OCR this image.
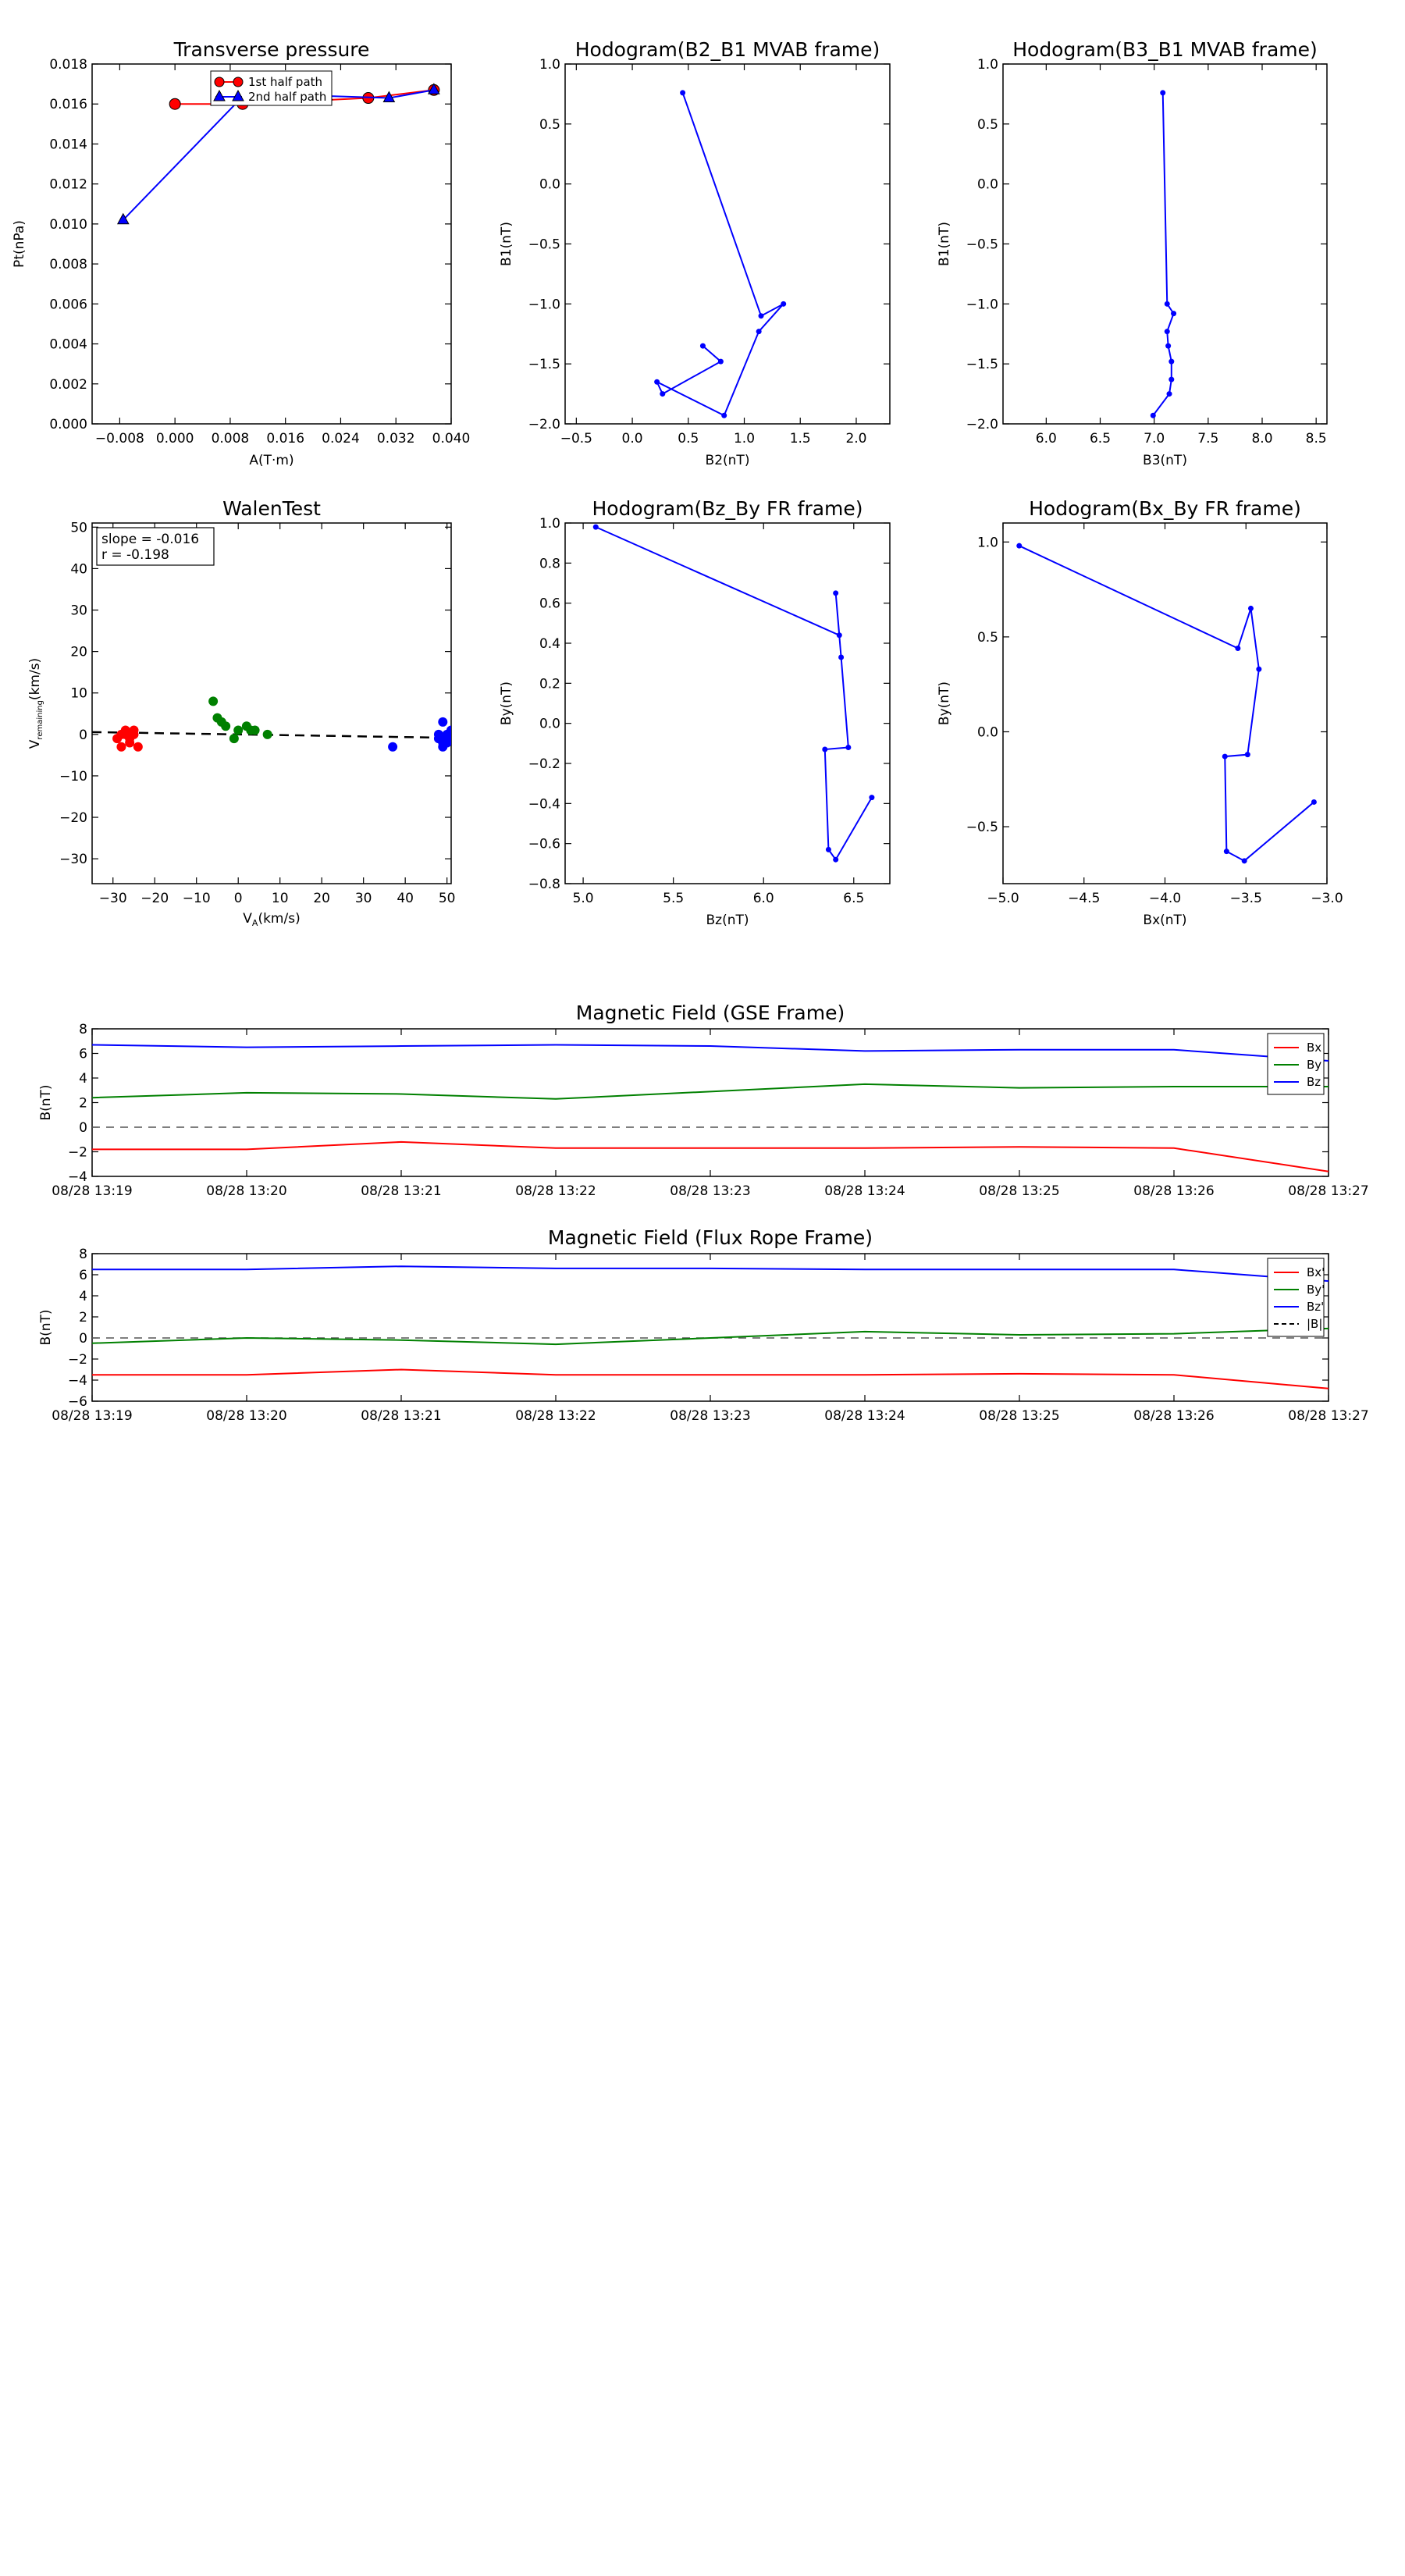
Transverse pressure
0.000
0.002
0.004
0.006
0.008
0.010
0.012
0.014
0.016
0.018
−0.008 0.000 0.008 0.016 0.024 0.032 0.040
A(T·m)
Pt(nPa)
1st half path
2nd half path
Hodogram(B2_B1 MVAB frame)
−2.0
−1.5
−1.0
−0.5
0.0
0.5
1.0
−0.5 0.0	0.5	1.0	1.5	2.0
B2(nT)
B1(nT)
Hodogram(B3_B1 MVAB frame)
−2.0
−1.5
−1.0
−0.5
0.0
0.5
1.0
6.0 6.5 7.0 7.5 8.0 8.5
B3(nT)
B1(nT)
WalenTest
−30
−20
−10
0
10
20
30
40
50
−30 −20 −10 0 10 20 30 40 50
$V_A(km/s)$
$V_{remaining}(km/s)$
slope = -0.016
r = -0.198
Hodogram(Bz_By FR frame)
−0.8
−0.6
−0.4
−0.2
0.0
0.2
0.4
0.6
0.8
1.0
5.0	5.5	6.0	6.5
Bz(nT)
By(nT)
Hodogram(Bx_By FR frame)
−0.5
0.0
0.5
1.0
−5.0	−4.5	−4.0	−3.5	−3.0
Bx(nT)
By(nT)
Magnetic Field (GSE Frame)
−4
−2
0
2
4
6
8
08/28 13:19	08/28 13:20	08/28 13:21	08/28 13:22	08/28 13:23	08/28 13:24	08/28 13:25	08/28 13:26	08/28 13:27
B(nT)
Bx
By
Bz
Magnetic Field (Flux Rope Frame)
−6
−4
−2
0
2
4
6
8
08/28 13:19	08/28 13:20	08/28 13:21	08/28 13:22	08/28 13:23	08/28 13:24	08/28 13:25	08/28 13:26	08/28 13:27
B(nT)
Bx'
By'
Bz'
|B|
